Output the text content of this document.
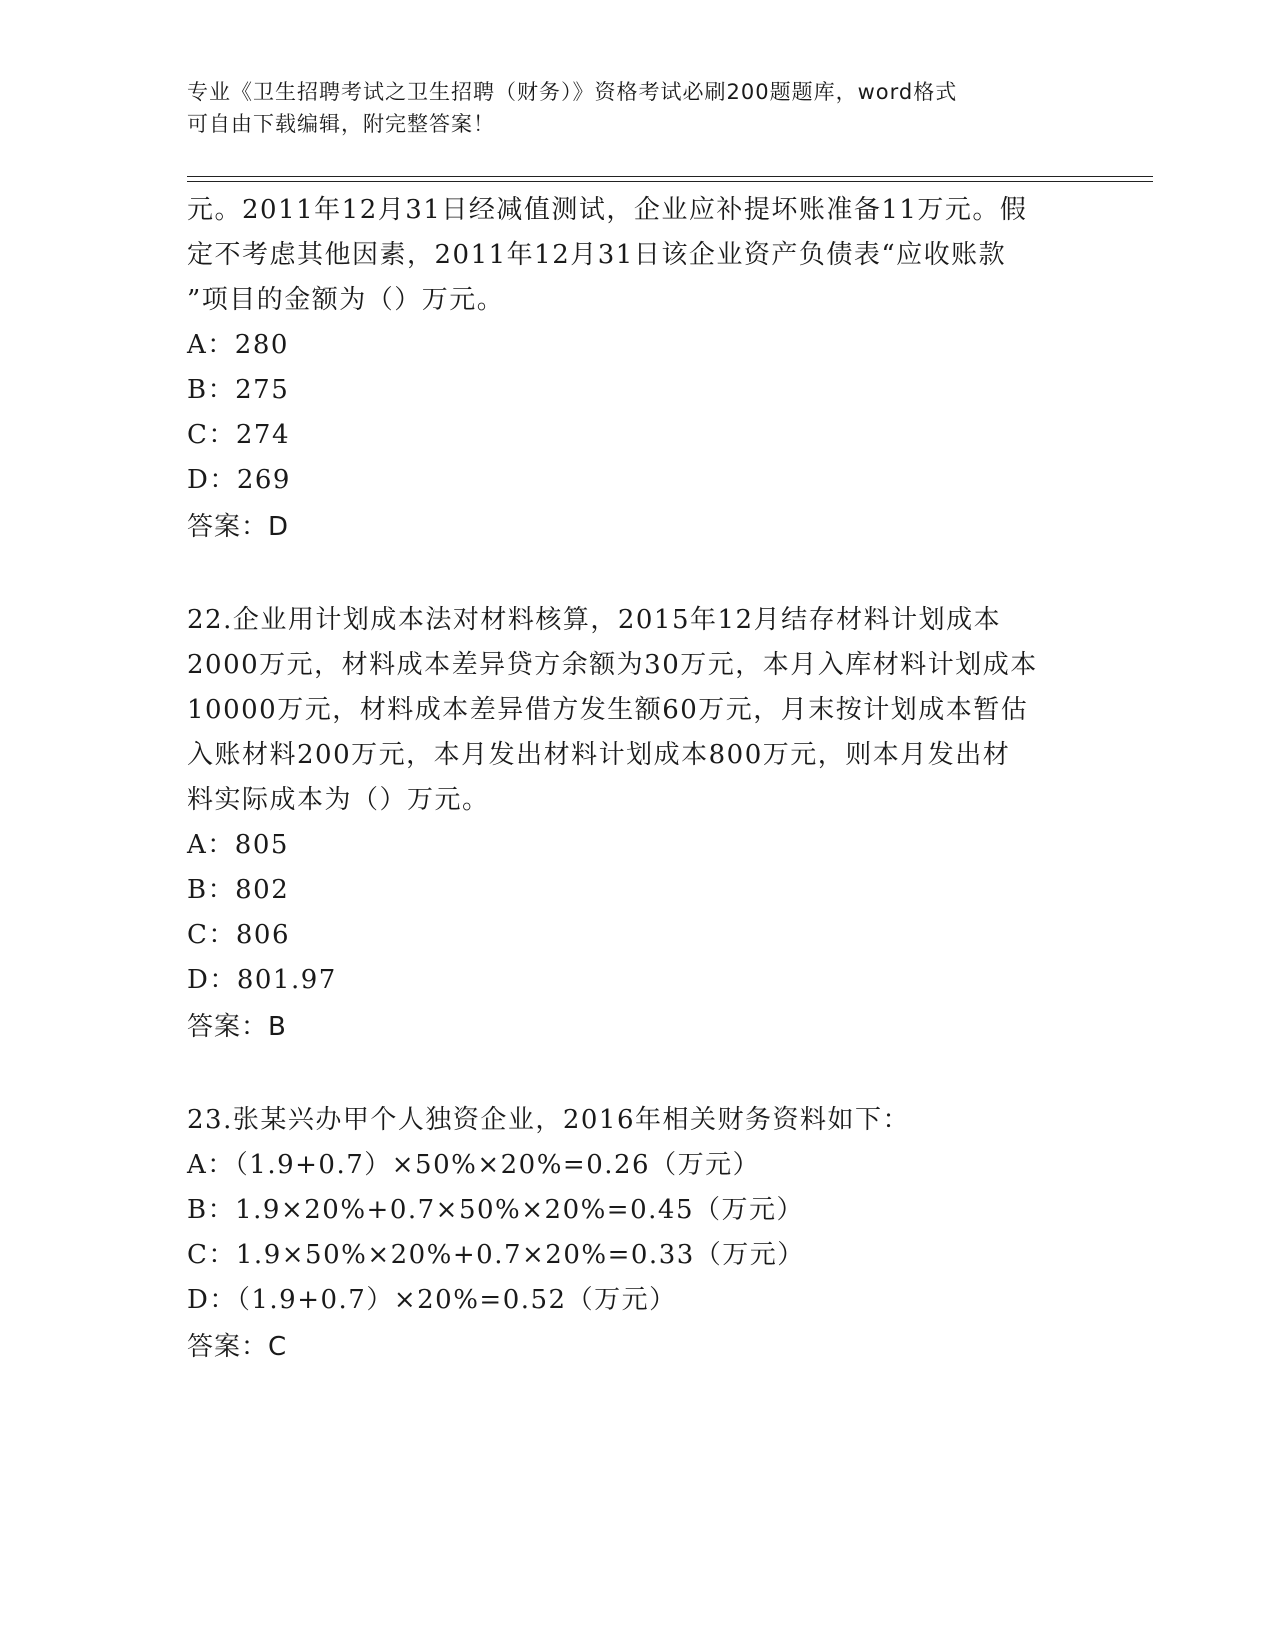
专业《卫生招聘考试之卫生招聘（财务）》资格考试必刷200题题库，word格式
可自由下载编辑，附完整答案！
元。2011年12月31日经减值测试，企业应补提坏账准备11万元。假
定不考虑其他因素，2011年12月31日该企业资产负债表“应收账款
”项目的金额为（）万元。
A：280
B：275
C：274
D：269
答案：D
22.企业用计划成本法对材料核算，2015年12月结存材料计划成本
2000万元，材料成本差异贷方余额为30万元，本月入库材料计划成本
10000万元，材料成本差异借方发生额60万元，月末按计划成本暂估
入账材料200万元，本月发出材料计划成本800万元，则本月发出材
料实际成本为（）万元。
A：805
B：802
C：806
D：801.97
答案：B
23.张某兴办甲个人独资企业，2016年相关财务资料如下：
A：（1.9+0.7）×50%×20%=0.26（万元）
B：1.9×20%+0.7×50%×20%=0.45（万元）
C：1.9×50%×20%+0.7×20%=0.33（万元）
D：（1.9+0.7）×20%=0.52（万元）
答案：C
